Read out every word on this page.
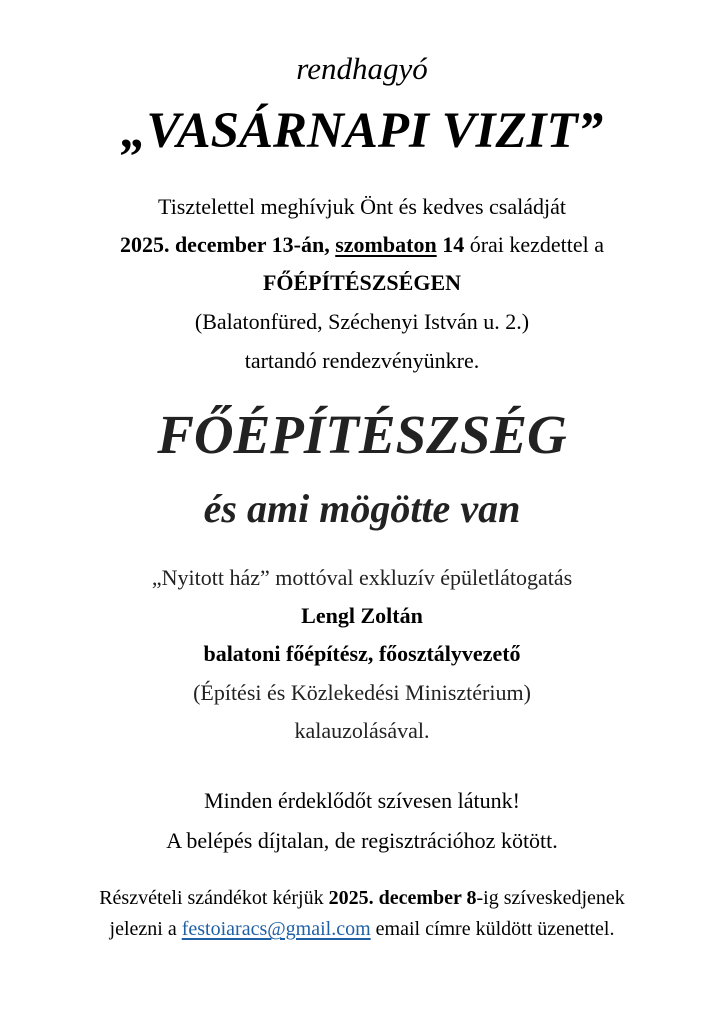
rendhagyó
„VASÁRNAPI VIZIT”
Tisztelettel meghívjuk Önt és kedves családját
2025. december 13-án, szombaton 14 órai kezdettel a
FŐÉPÍTÉSZSÉGEN
(Balatonfüred, Széchenyi István u. 2.)
tartandó rendezvényünkre.
FŐÉPÍTÉSZSÉG
és ami mögötte van
„Nyitott ház” mottóval exkluzív épületlátogatás
Lengl Zoltán
balatoni főépítész, főosztályvezető
(Építési és Közlekedési Minisztérium)
kalauzolásával.
Minden érdeklődőt szívesen látunk!
A belépés díjtalan, de regisztrációhoz kötött.
Részvételi szándékot kérjük 2025. december 8-ig szíveskedjenek
jelezni a festoiaracs@gmail.com email címre küldött üzenettel.
